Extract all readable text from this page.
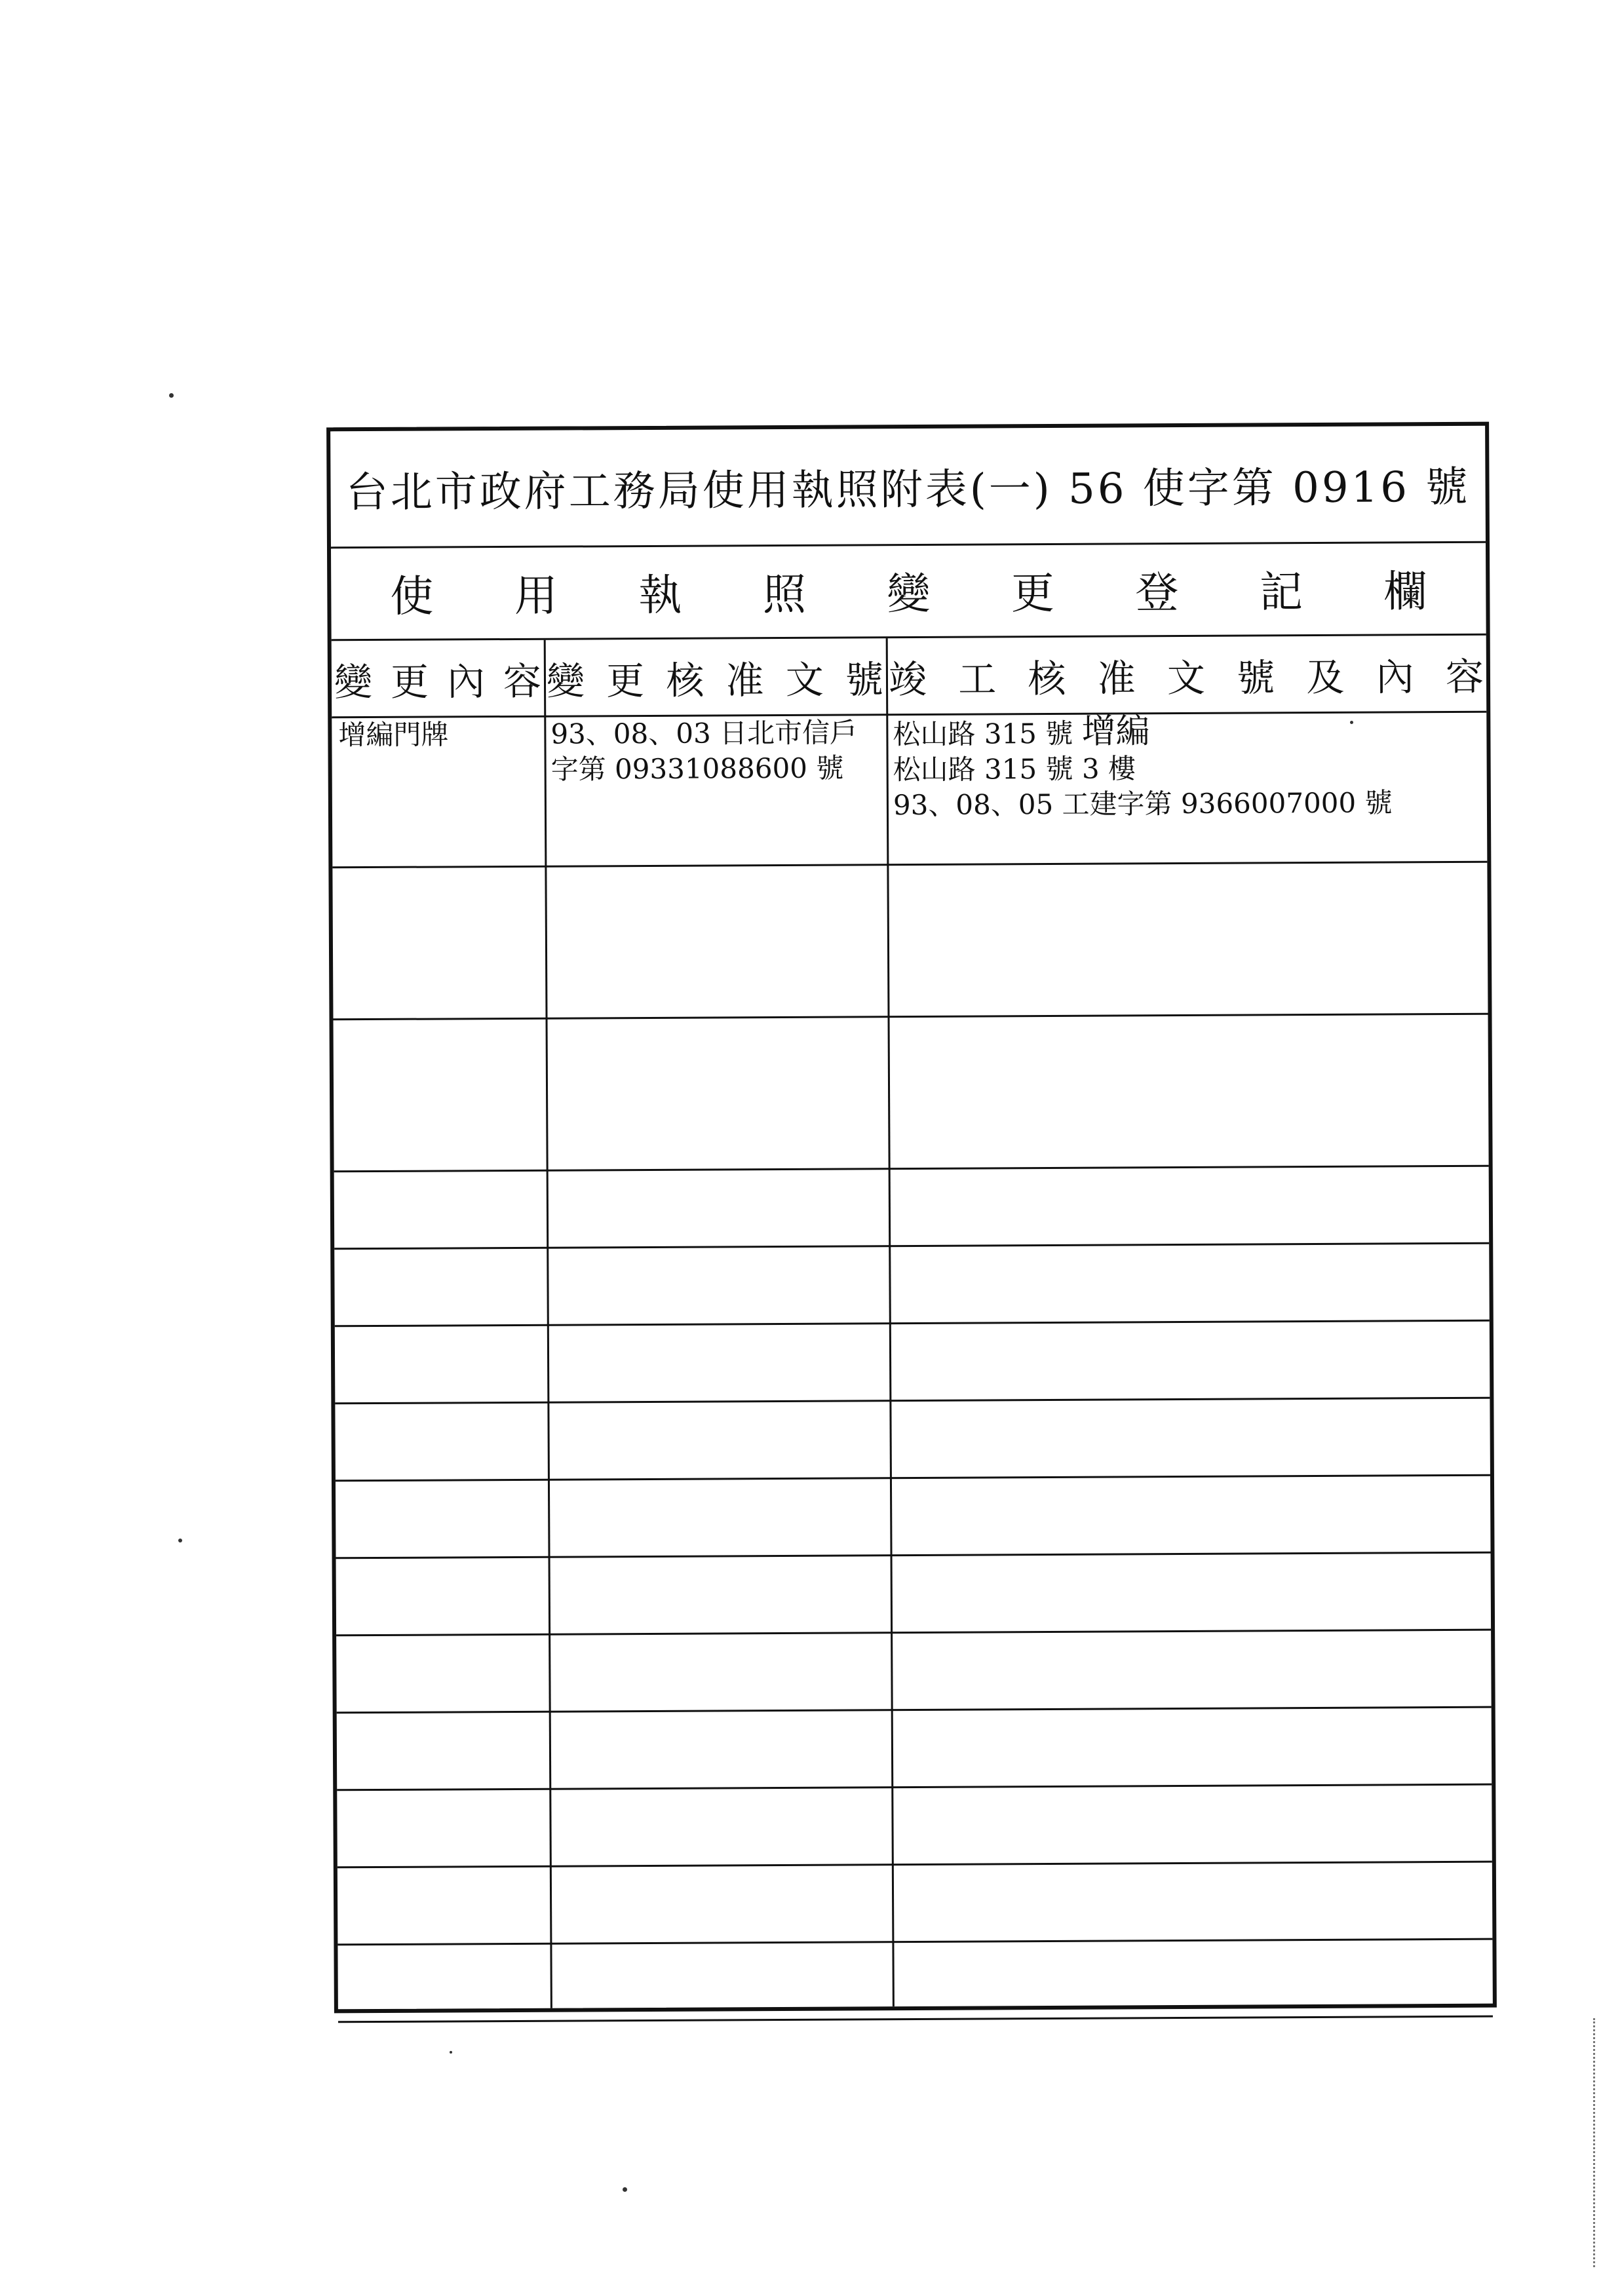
台北市政府工務局使用執照附表(一) 56 使字第 0916 號
使 用 執 照 變 更 登 記 欄
變 更 內 容 變 更 核 准 文 號 竣 工 核 准 文 號 及 內 容
增編門牌	93、08、03 日北市信戶
字第 09331088600 號
松山路 315 號 增編
松山路 315 號 3 樓
93、08、05 工建字第 9366007000 號
